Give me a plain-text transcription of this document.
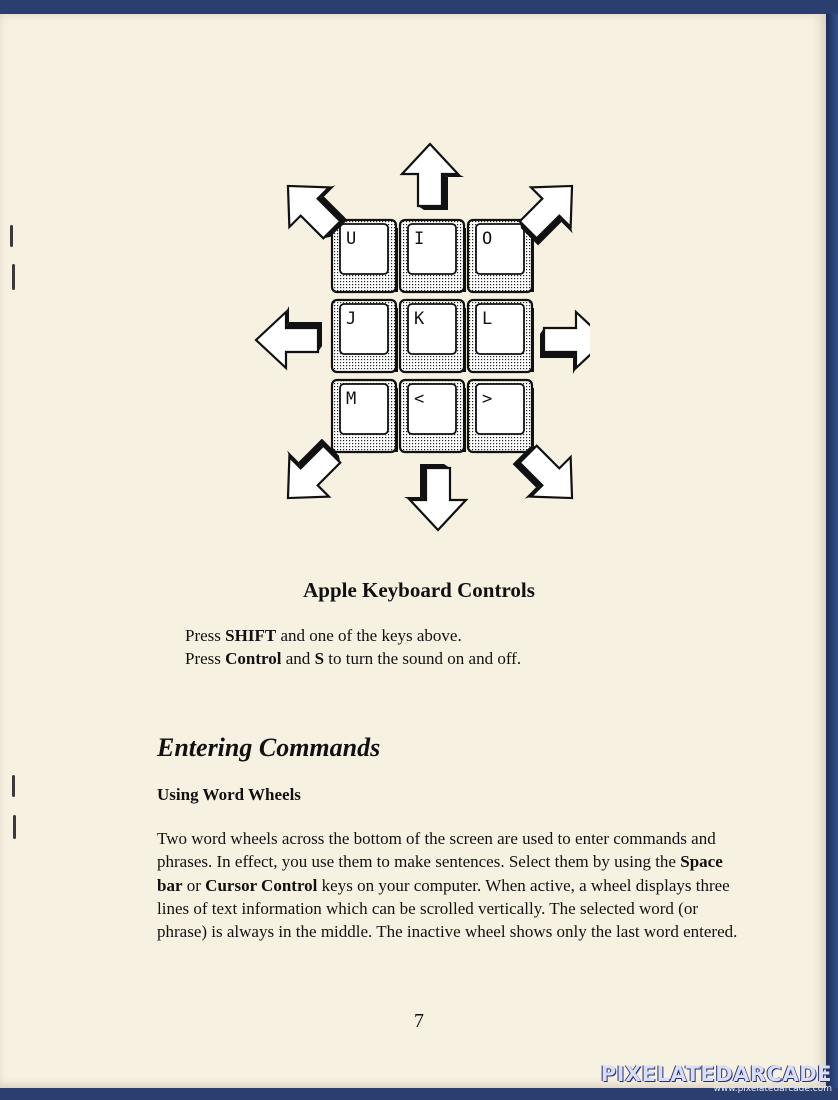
U	I	O
J	K	L
M	<	>
Apple Keyboard Controls
Press SHIFT and one of the keys above.
Press Control and S to turn the sound on and off.
Entering Commands
Using Word Wheels
Two word wheels across the bottom of the screen are used to enter commands and phrases. In effect, you use them to make sentences. Select them by using the Space bar or Cursor Control keys on your computer. When active, a wheel displays three lines of text information which can be scrolled vertically. The selected word (or phrase) is always in the middle. The inactive wheel shows only the last word entered.
7
PIXELATEDARCADE
www.pixelatedarcade.com
